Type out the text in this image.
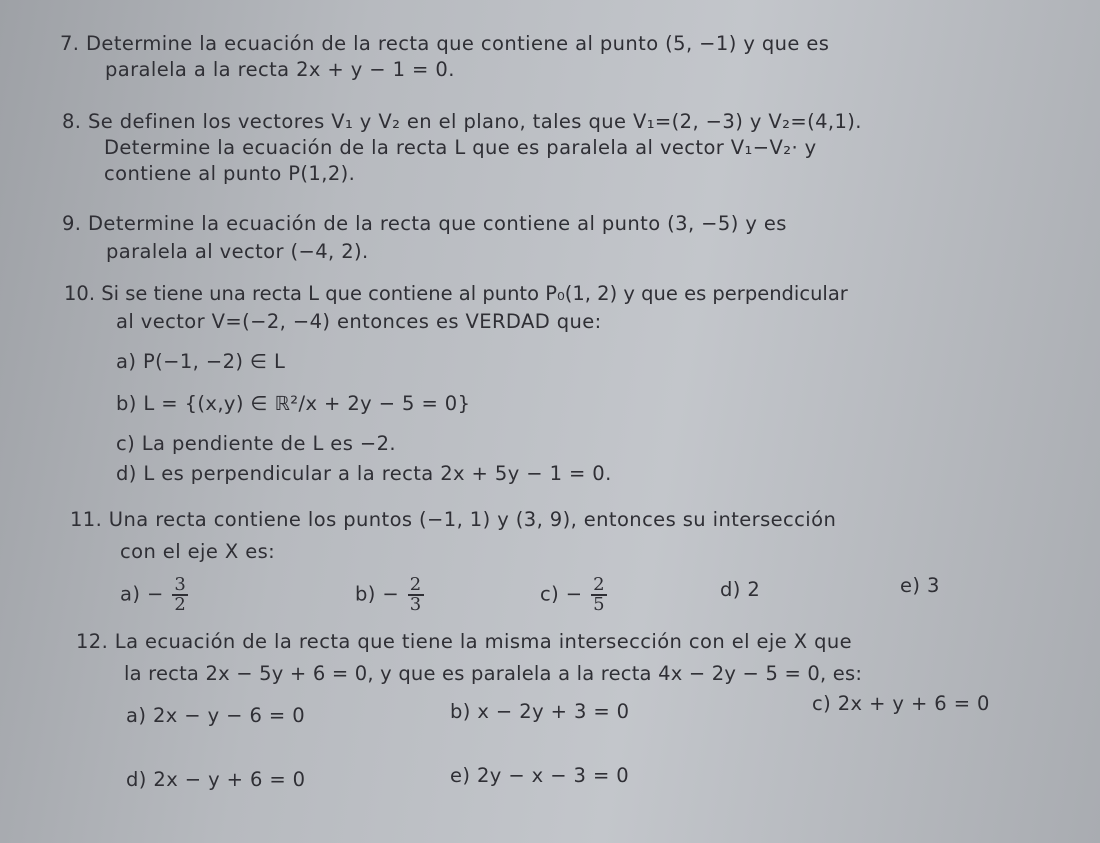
7. Determine la ecuación de la recta que contiene al punto (5, −1) y que es
paralela a la recta 2x + y − 1 = 0.
8. Se definen los vectores V₁ y V₂ en el plano, tales que V₁=(2, −3) y V₂=(4,1).
Determine la ecuación de la recta L que es paralela al vector V₁−V₂· y
contiene al punto P(1,2).
9. Determine la ecuación de la recta que contiene al punto (3, −5) y es
paralela al vector (−4, 2).
10. Si se tiene una recta L que contiene al punto P₀(1, 2) y que es perpendicular
al vector V=(−2, −4) entonces es VERDAD que:
a) P(−1, −2) ∈ L
b) L = {(x,y) ∈ ℝ²/x + 2y − 5 = 0}
c) La pendiente de L es −2.
d) L es perpendicular a la recta 2x + 5y − 1 = 0.
11. Una recta contiene los puntos (−1, 1) y (3, 9), entonces su intersección
con el eje X es:
$a) - \frac{3}{2}$	$b) - \frac{2}{3}$	$c) - \frac{2}{5}$	d) 2	e) 3
12. La ecuación de la recta que tiene la misma intersección con el eje X que
la recta 2x − 5y + 6 = 0, y que es paralela a la recta 4x − 2y − 5 = 0, es:
a) 2x − y − 6 = 0	b) x − 2y + 3 = 0	c) 2x + y + 6 = 0
d) 2x − y + 6 = 0	e) 2y − x − 3 = 0
